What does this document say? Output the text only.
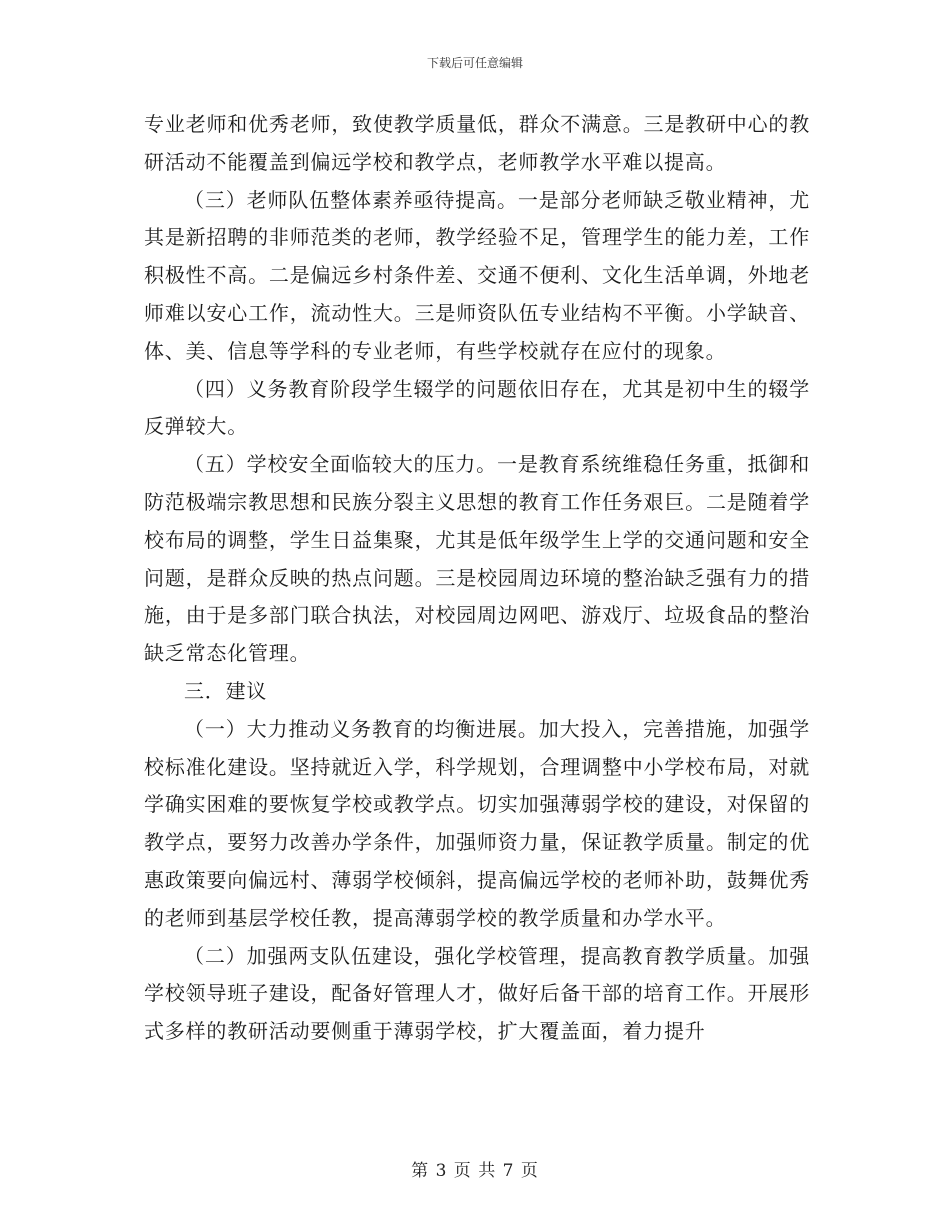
下载后可任意编辑

专业老师和优秀老师，致使教学质量低，群众不满意。三是教研中心的教研活动不能覆盖到偏远学校和教学点，老师教学水平难以提高。

（三）老师队伍整体素养亟待提高。一是部分老师缺乏敬业精神，尤其是新招聘的非师范类的老师，教学经验不足，管理学生的能力差，工作积极性不高。二是偏远乡村条件差、交通不便利、文化生活单调，外地老师难以安心工作，流动性大。三是师资队伍专业结构不平衡。小学缺音、体、美、信息等学科的专业老师，有些学校就存在应付的现象。

（四）义务教育阶段学生辍学的问题依旧存在，尤其是初中生的辍学反弹较大。

（五）学校安全面临较大的压力。一是教育系统维稳任务重，抵御和防范极端宗教思想和民族分裂主义思想的教育工作任务艰巨。二是随着学校布局的调整，学生日益集聚，尤其是低年级学生上学的交通问题和安全问题，是群众反映的热点问题。三是校园周边环境的整治缺乏强有力的措施，由于是多部门联合执法，对校园周边网吧、游戏厅、垃圾食品的整治缺乏常态化管理。

三．建议

（一）大力推动义务教育的均衡进展。加大投入，完善措施，加强学校标准化建设。坚持就近入学，科学规划，合理调整中小学校布局，对就学确实困难的要恢复学校或教学点。切实加强薄弱学校的建设，对保留的教学点，要努力改善办学条件，加强师资力量，保证教学质量。制定的优惠政策要向偏远村、薄弱学校倾斜，提高偏远学校的老师补助，鼓舞优秀的老师到基层学校任教，提高薄弱学校的教学质量和办学水平。

（二）加强两支队伍建设，强化学校管理，提高教育教学质量。加强学校领导班子建设，配备好管理人才，做好后备干部的培育工作。开展形式多样的教研活动要侧重于薄弱学校，扩大覆盖面，着力提升

第 3 页 共 7 页
